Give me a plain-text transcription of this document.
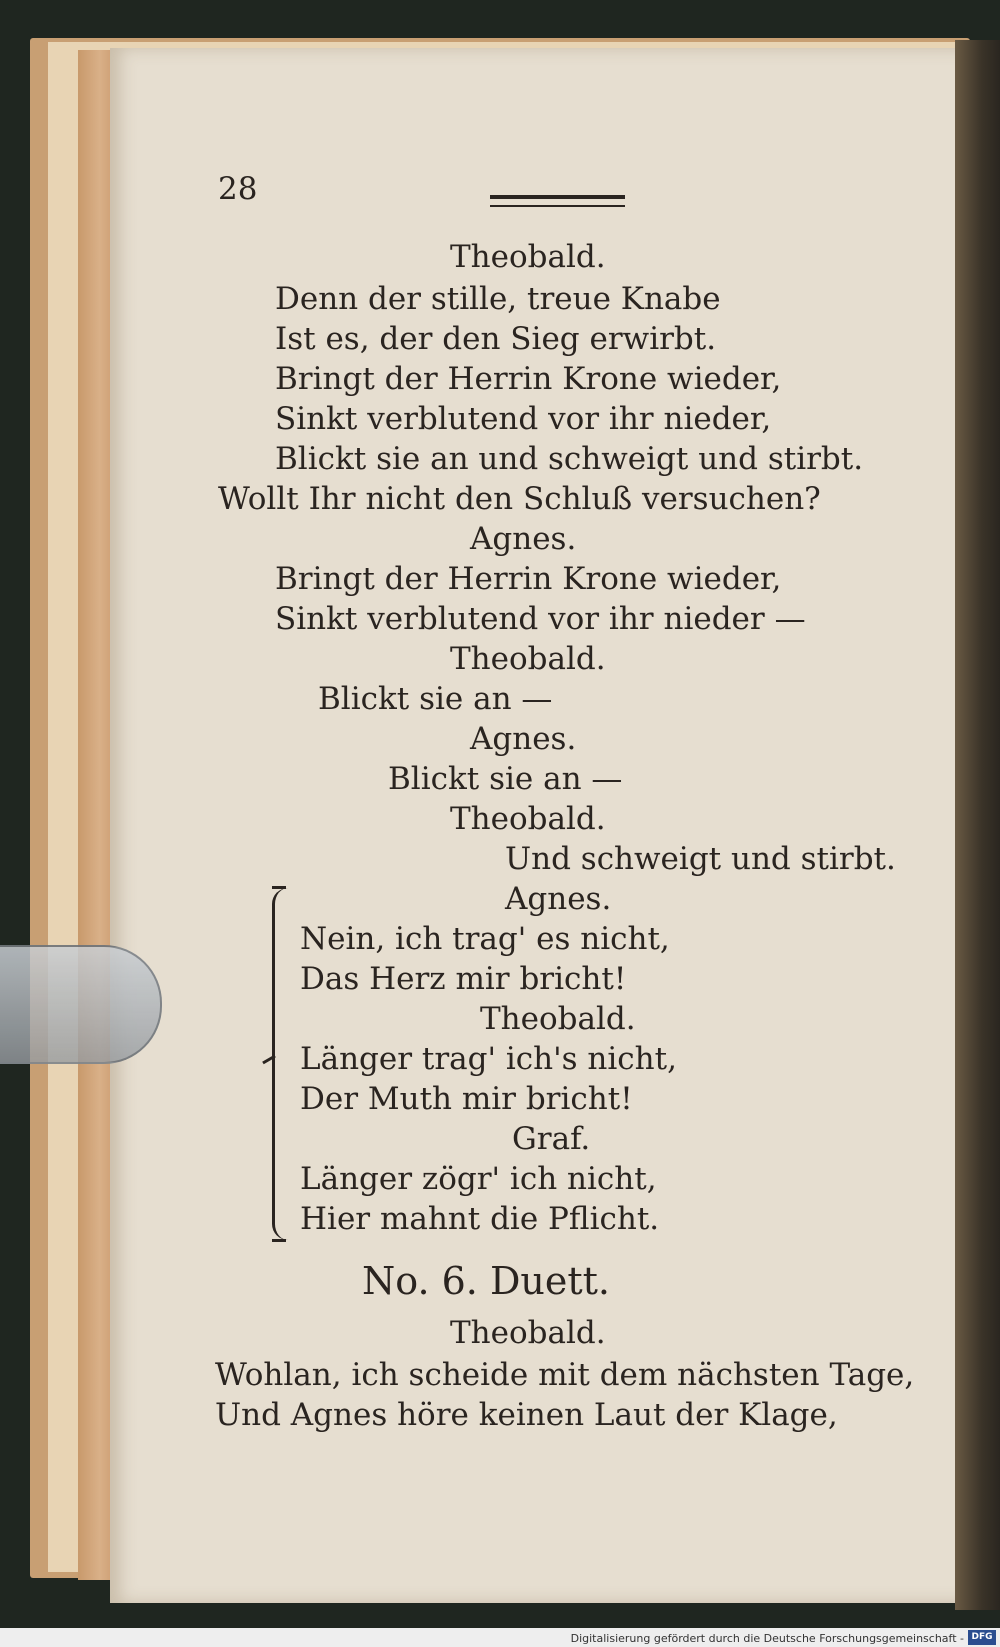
28

Theobald.

Denn der stille, treue Knabe

Ist es, der den Sieg erwirbt.

Bringt der Herrin Krone wieder,

Sinkt verblutend vor ihr nieder,

Blickt sie an und schweigt und stirbt.

Wollt Ihr nicht den Schluß versuchen?

Agnes.

Bringt der Herrin Krone wieder,

Sinkt verblutend vor ihr nieder —

Theobald.

Blickt sie an —

Agnes.

Blickt sie an —

Theobald.

Und schweigt und stirbt.

Agnes.

Nein, ich trag' es nicht,

Das Herz mir bricht!

Theobald.

Länger trag' ich's nicht,

Der Muth mir bricht!

Graf.

Länger zögr' ich nicht,

Hier mahnt die Pflicht.

No. 6. Duett.

Theobald.

Wohlan, ich scheide mit dem nächsten Tage,

Und Agnes höre keinen Laut der Klage,

Digitalisierung gefördert durch die Deutsche Forschungsgemeinschaft - DFG
